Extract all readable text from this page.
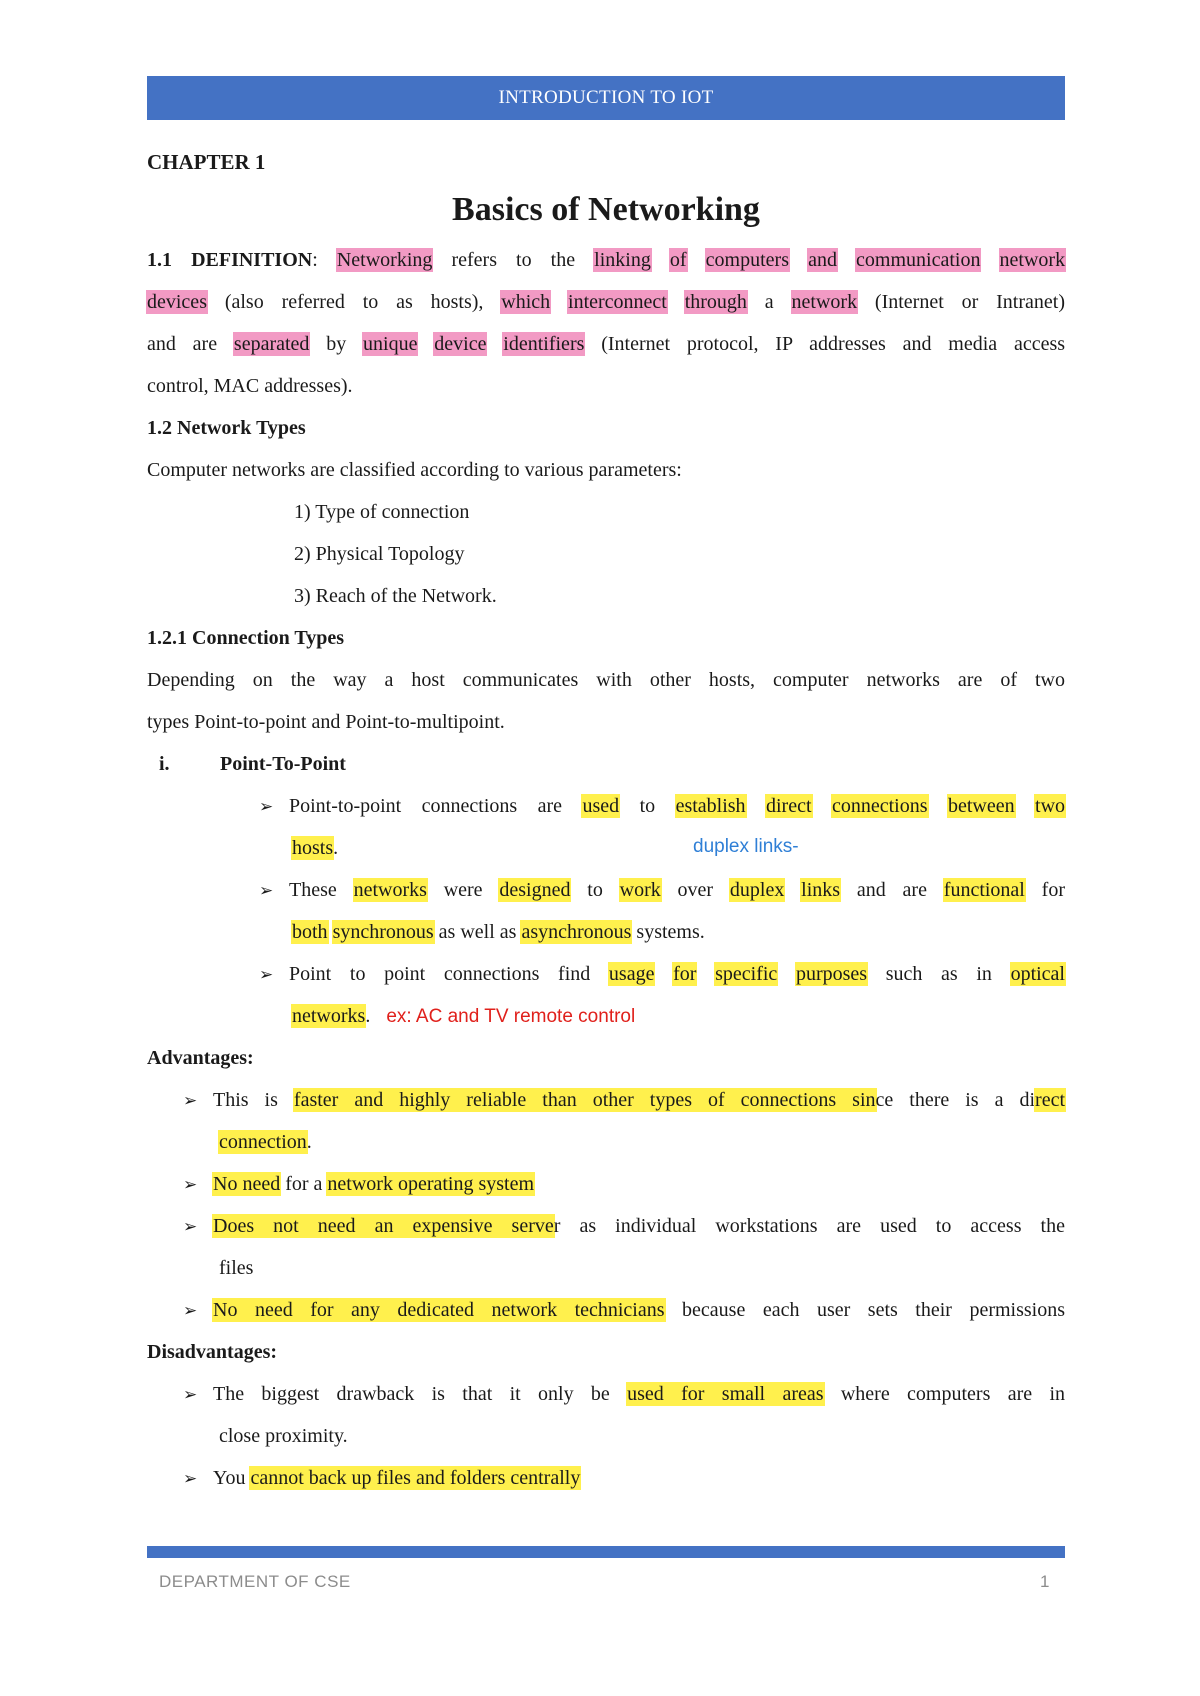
INTRODUCTION TO IOT
CHAPTER 1
Basics of Networking
1.1 DEFINITION: Networking refers to the linking of computers and communication network
devices (also referred to as hosts), which interconnect through a network (Internet or Intranet)
and are separated by unique device identifiers (Internet protocol, IP addresses and media access
control, MAC addresses).
1.2 Network Types
Computer networks are classified according to various parameters:
1) Type of connection
2) Physical Topology
3) Reach of the Network.
1.2.1 Connection Types
Depending on the way a host communicates with other hosts, computer networks are of two
types Point-to-point and Point-to-multipoint.
i.	Point-To-Point
➢ Point-to-point connections are used to establish direct connections between two
hosts.	duplex links-
➢ These networks were designed to work over duplex links and are functional for
both synchronous as well as asynchronous systems.
➢ Point to point connections find usage for specific purposes such as in optical
networks. ex: AC and TV remote control
Advantages:
➢ This is faster and highly reliable than other types of connections since there is a direct
connection.
➢ No need for a network operating system
➢ Does not need an expensive server as individual workstations are used to access the
files
➢ No need for any dedicated network technicians because each user sets their permissions
Disadvantages:
➢ The biggest drawback is that it only be used for small areas where computers are in
close proximity.
➢ You cannot back up files and folders centrally
DEPARTMENT OF CSE	1
